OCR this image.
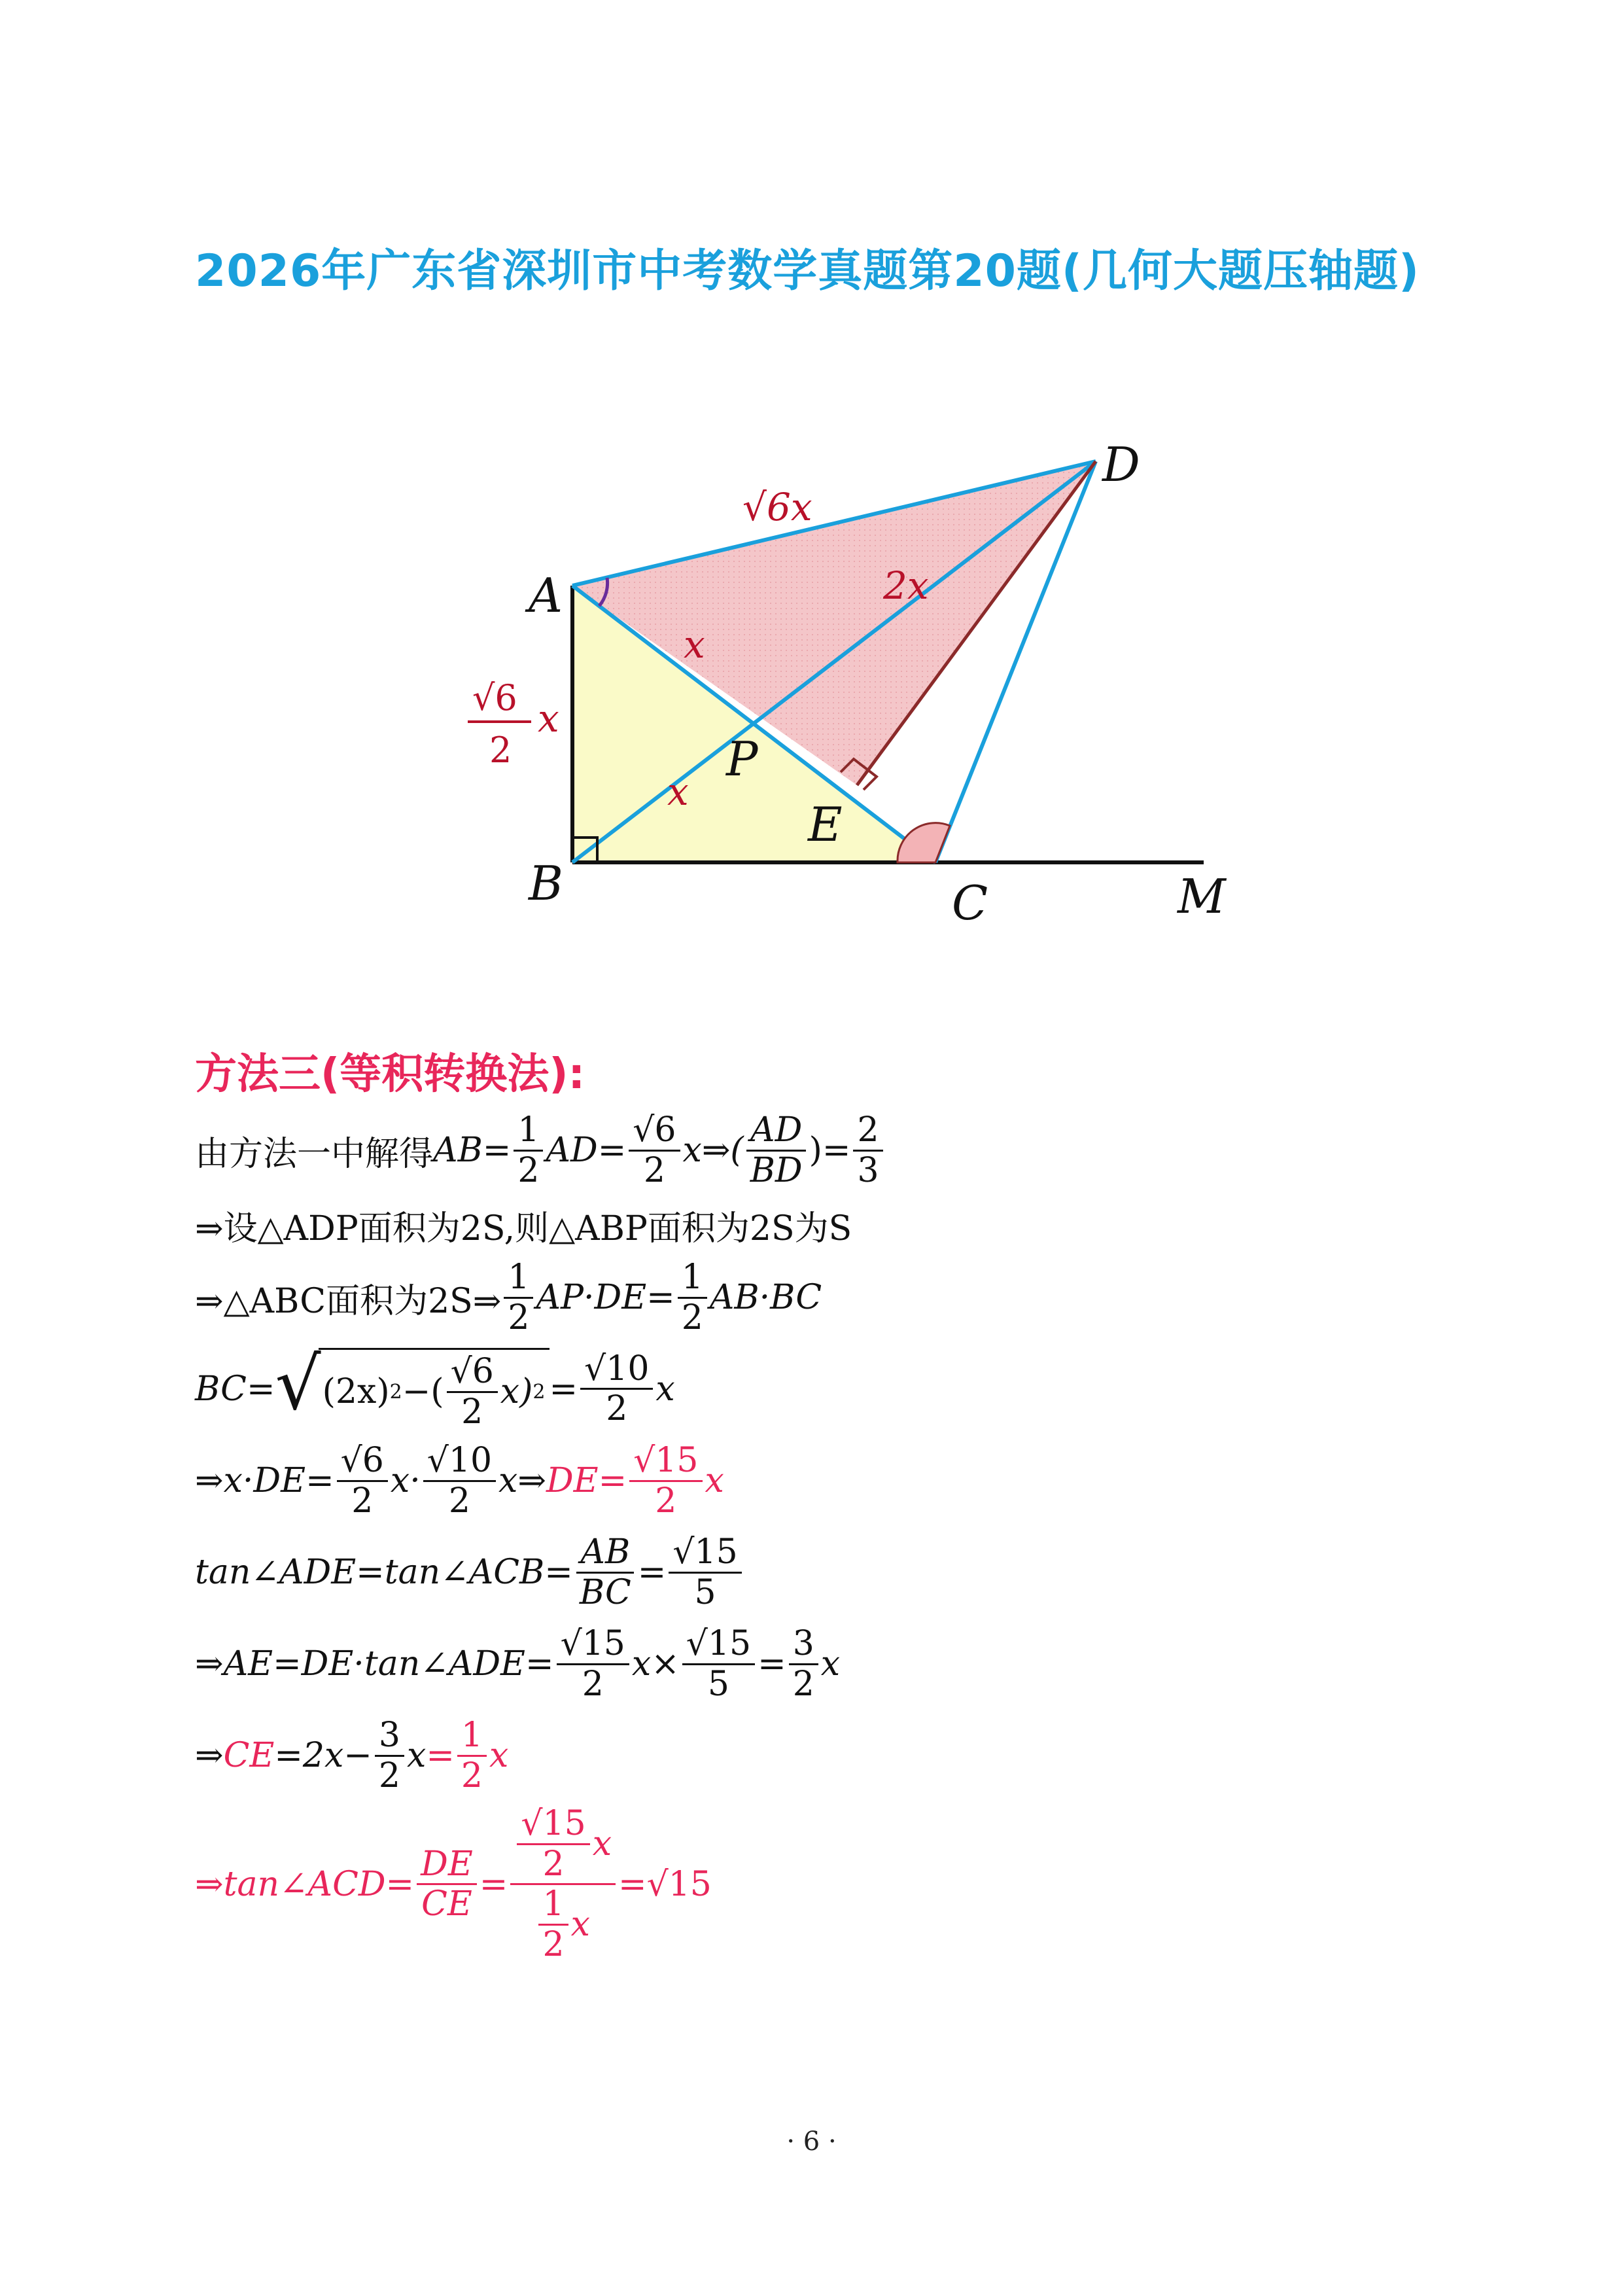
2026年广东省深圳市中考数学真题第20题(几何大题压轴题)
A
B	C
D
E
P
M
√6x
2x
x
x
√6
2
x
方法三(等积转换法):
由方法一中解得 AB = $\frac{1}{2}$ AD = $\frac{√6}{2}$ x⇒( $\frac{AD}{BD}$ )= $\frac{2}{3}$
⇒设△ADP面积为2S,则△ABP面积为2S为S
⇒△ABC面积为2S⇒ $\frac{1}{2} AP\cdot DE= \frac{1}{2} AB\cdot BC$
BC= √ (2x) 2 −( $\frac{√6}{2} x$) $2 = \frac{√10}{2}$ x
⇒x·DE= $\frac{√6}{2} x\cdot \frac{√10}{2}$ x⇒ $DE= \frac{√15}{2}$ x
tan∠ADE=tan∠ACB= $\frac{AB}{BC} = \frac{√15}{5}$
⇒AE=DE·tan∠ADE= $\frac{√15}{2} x\times \frac{√15}{5} = \frac{3}{2}$ x
⇒ CE $=2x- \frac{3}{2}$ $x = \frac{1}{2}$ x
⇒tan∠ACD= $\frac{DE}{CE} = \frac{\frac{√15}{2} x}{\frac{1}{2} x} =√15$
· 6 ·
